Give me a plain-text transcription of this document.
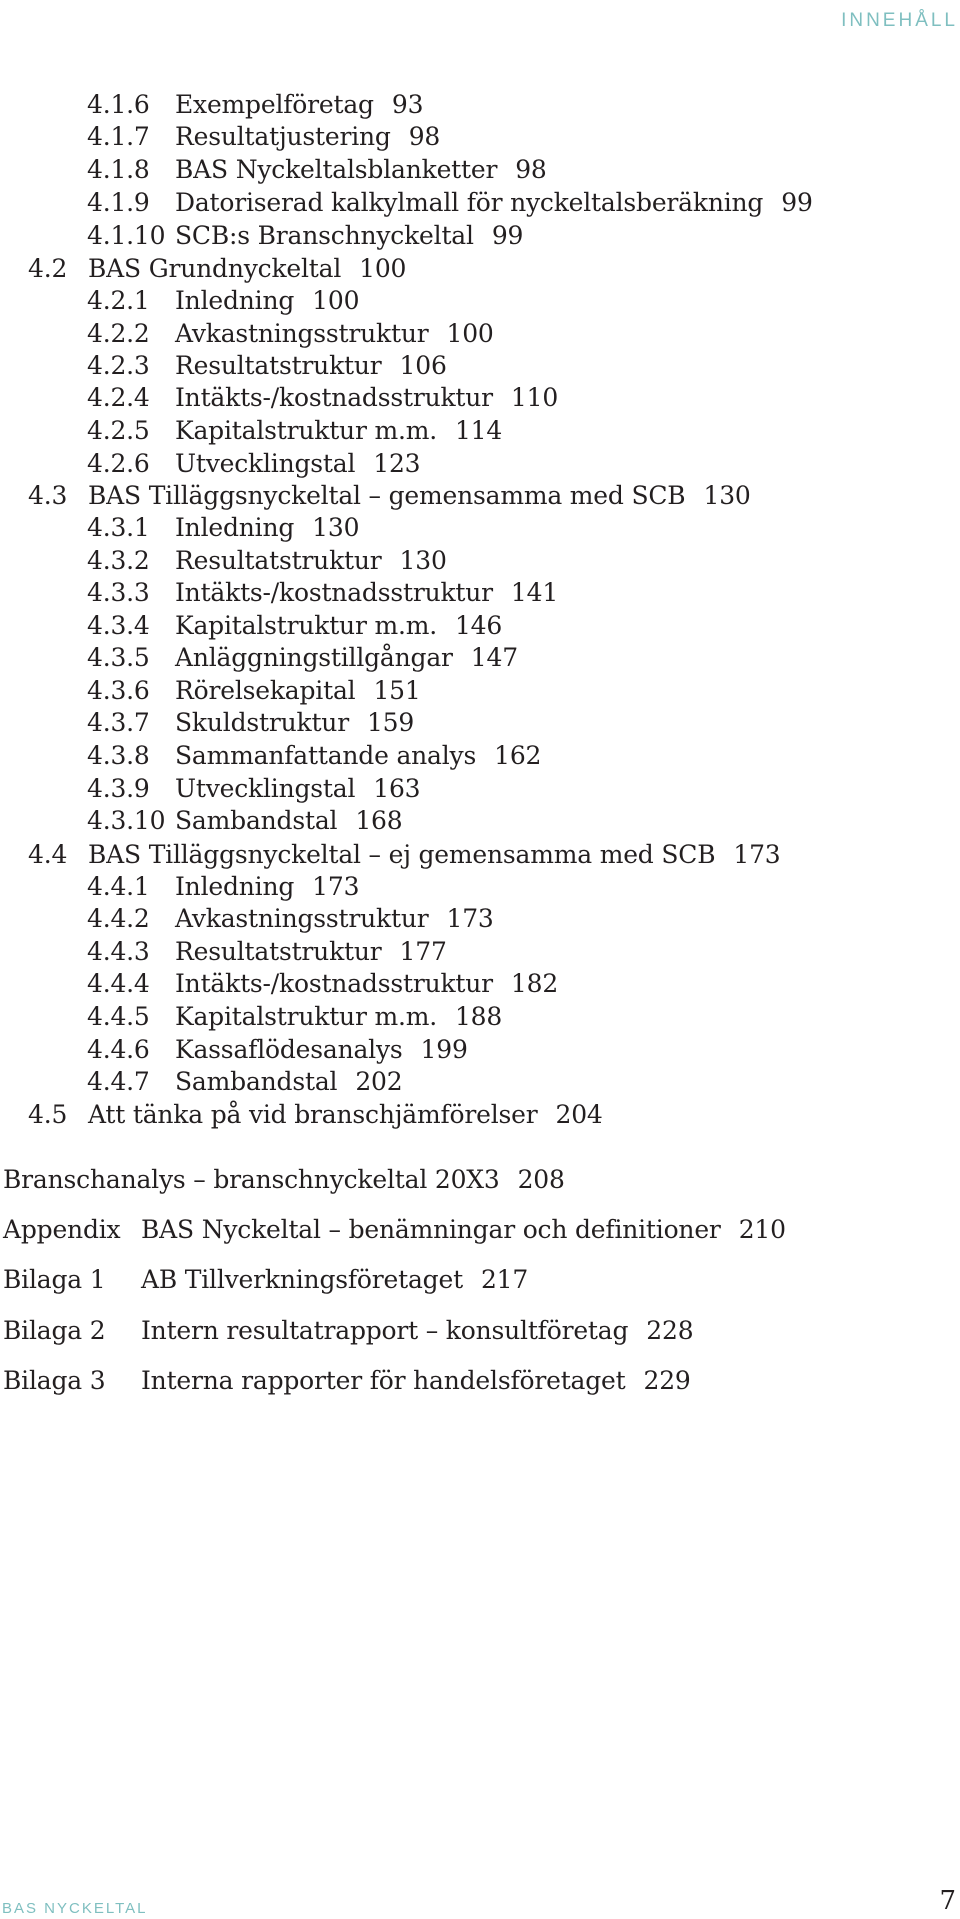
INNEHÅLL
4.1.6 Exempelföretag 93
4.1.7 Resultatjustering 98
4.1.8 BAS Nyckeltalsblanketter 98
4.1.9 Datoriserad kalkylmall för nyckeltalsberäkning 99
4.1.10 SCB:s Branschnyckeltal 99
4.2 BAS Grundnyckeltal 100
4.2.1 Inledning 100
4.2.2 Avkastningsstruktur 100
4.2.3 Resultatstruktur 106
4.2.4 Intäkts-/kostnadsstruktur 110
4.2.5 Kapitalstruktur m.m. 114
4.2.6 Utvecklingstal 123
4.3 BAS Tilläggsnyckeltal – gemensamma med SCB 130
4.3.1 Inledning 130
4.3.2 Resultatstruktur 130
4.3.3 Intäkts-/kostnadsstruktur 141
4.3.4 Kapitalstruktur m.m. 146
4.3.5 Anläggningstillgångar 147
4.3.6 Rörelsekapital 151
4.3.7 Skuldstruktur 159
4.3.8 Sammanfattande analys 162
4.3.9 Utvecklingstal 163
4.3.10 Sambandstal 168
4.4 BAS Tilläggsnyckeltal – ej gemensamma med SCB 173
4.4.1 Inledning 173
4.4.2 Avkastningsstruktur 173
4.4.3 Resultatstruktur 177
4.4.4 Intäkts-/kostnadsstruktur 182
4.4.5 Kapitalstruktur m.m. 188
4.4.6 Kassaflödesanalys 199
4.4.7 Sambandstal 202
4.5 Att tänka på vid branschjämförelser 204
Branschanalys – branschnyckeltal 20X3 208
Appendix BAS Nyckeltal – benämningar och definitioner 210
Bilaga 1 AB Tillverkningsföretaget 217
Bilaga 2 Intern resultatrapport – konsultföretag 228
Bilaga 3 Interna rapporter för handelsföretaget 229
BAS NYCKELTAL	7
